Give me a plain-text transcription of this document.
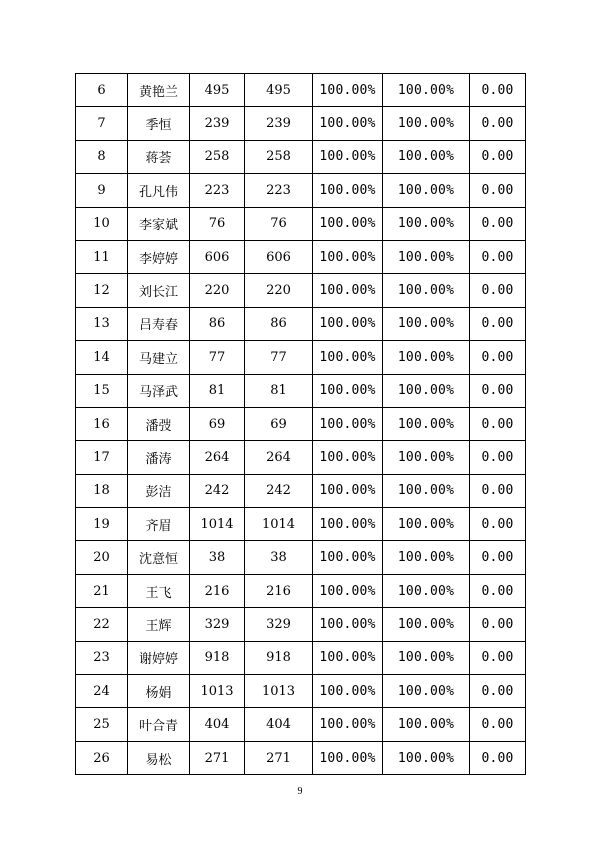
6	黄艳兰	495	495	100.00%	100.00%	0.00
7	季恒	239	239	100.00%	100.00%	0.00
8	蒋荟	258	258	100.00%	100.00%	0.00
9	孔凡伟	223	223	100.00%	100.00%	0.00
10	李家斌	76	76	100.00%	100.00%	0.00
11	李婷婷	606	606	100.00%	100.00%	0.00
12	刘长江	220	220	100.00%	100.00%	0.00
13	吕寿春	86	86	100.00%	100.00%	0.00
14	马建立	77	77	100.00%	100.00%	0.00
15	马泽武	81	81	100.00%	100.00%	0.00
16	潘弢	69	69	100.00%	100.00%	0.00
17	潘涛	264	264	100.00%	100.00%	0.00
18	彭洁	242	242	100.00%	100.00%	0.00
19	齐眉	1014	1014	100.00%	100.00%	0.00
20	沈意恒	38	38	100.00%	100.00%	0.00
21	王飞	216	216	100.00%	100.00%	0.00
22	王辉	329	329	100.00%	100.00%	0.00
23	谢婷婷	918	918	100.00%	100.00%	0.00
24	杨娟	1013	1013	100.00%	100.00%	0.00
25	叶合青	404	404	100.00%	100.00%	0.00
26	易松	271	271	100.00%	100.00%	0.00
9
